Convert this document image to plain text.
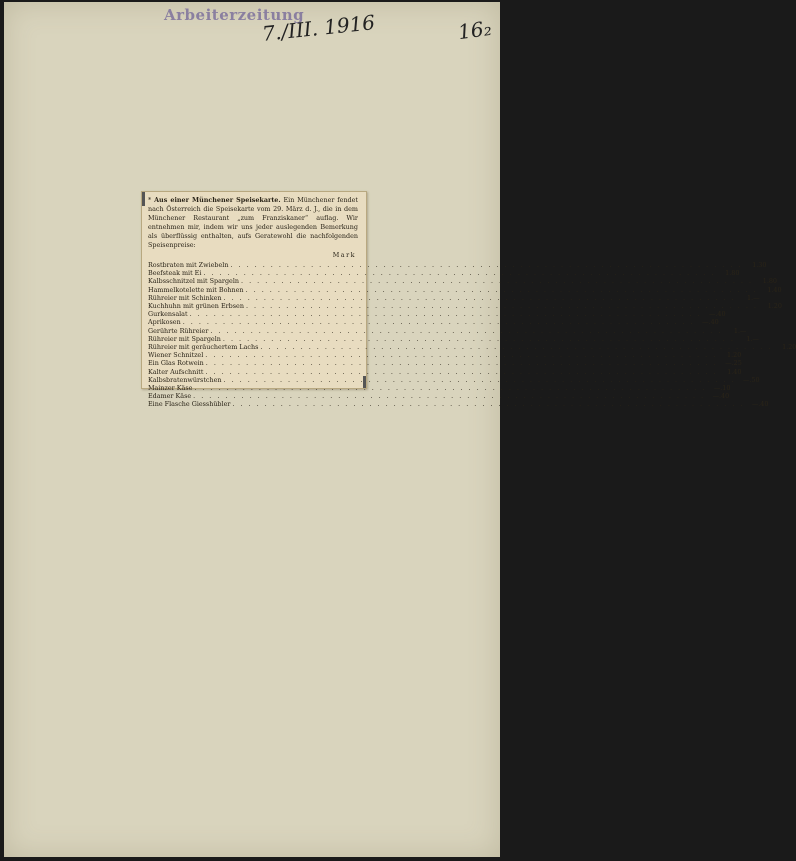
Arbeiterzeitung
7./III. 1916	16₂

* Aus einer Münchener Speisekarte. Ein Münchener fendet nach Österreich die Speisekarte vom 29. März d. J., die in dem Münchener Restaurant „zum Franziskaner“ auflag. Wir entnehmen mir, indem wir uns jeder auslegenden Bemerkung als überflüssig enthalten, aufs Geratewohl die nachfolgenden Speisenpreise:

Mark
Rostbraten mit Zwiebeln . . .	1.30
Beefsteak mit Ei . . .	1.80
Kalbsschnitzel mit Spargeln . . .	1.80
Hammelkotelette mit Bohnen . . .	1.40
Rühreier mit Schinken . . .	1.—
Kuchhuhn mit grünen Erbsen . . .	1.20
Gurkensalat . . .	—.40
Aprikosen . . .	—.40
Gerührte Rühreier . . .	1.—
Rühreier mit Spargeln . . .	1.—
Rühreier mit geräuchertem Lachs . . .	1.20
Wiener Schnitzel . . .	1.20
Ein Glas Rotwein . . .	—.25
Kalter Aufschnitt . . .	1.40
Kalbsbratenwürstchen . . .	—.50
Mainzer Käse . . .	—.10
Edamer Käse . . .	—.40
Eine Flasche Giesshübler . . .	—.40
